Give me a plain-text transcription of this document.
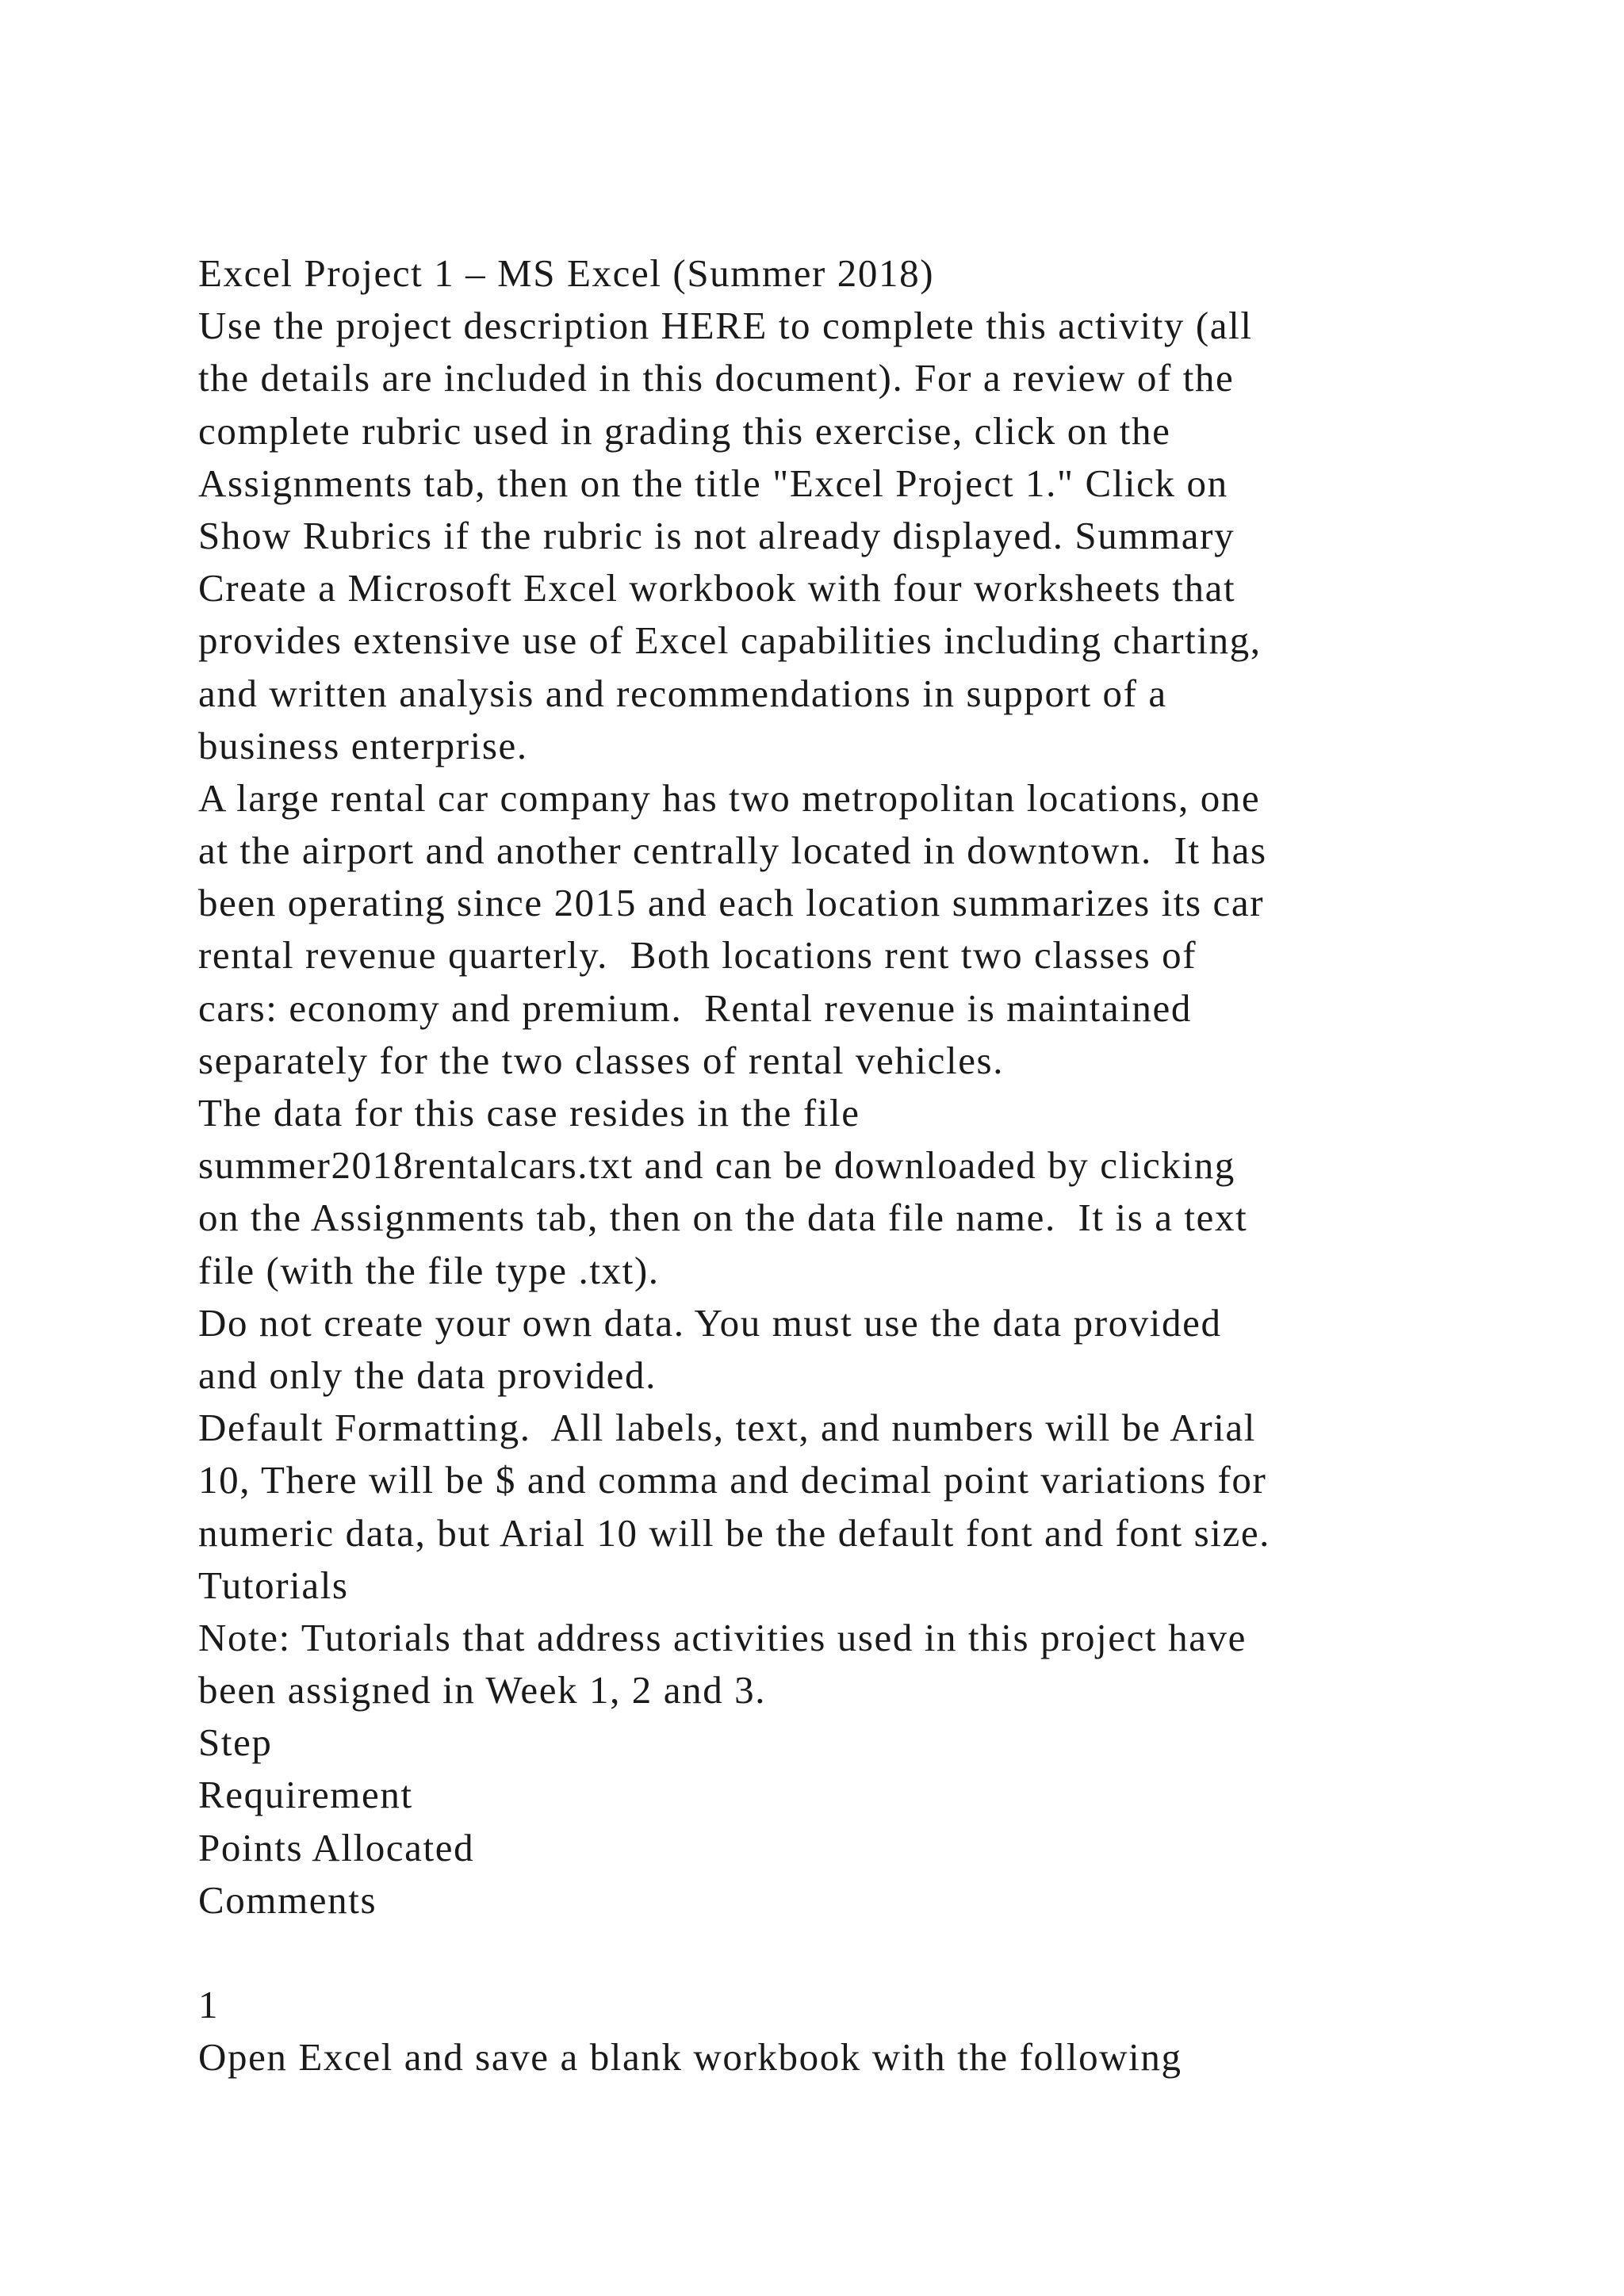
Excel Project 1 – MS Excel (Summer 2018)
Use the project description HERE to complete this activity (all
the details are included in this document). For a review of the
complete rubric used in grading this exercise, click on the
Assignments tab, then on the title "Excel Project 1." Click on
Show Rubrics if the rubric is not already displayed. Summary
Create a Microsoft Excel workbook with four worksheets that
provides extensive use of Excel capabilities including charting,
and written analysis and recommendations in support of a
business enterprise.
A large rental car company has two metropolitan locations, one
at the airport and another centrally located in downtown.  It has
been operating since 2015 and each location summarizes its car
rental revenue quarterly.  Both locations rent two classes of
cars: economy and premium.  Rental revenue is maintained
separately for the two classes of rental vehicles.
The data for this case resides in the file
summer2018rentalcars.txt and can be downloaded by clicking
on the Assignments tab, then on the data file name.  It is a text
file (with the file type .txt).
Do not create your own data. You must use the data provided
and only the data provided.
Default Formatting.  All labels, text, and numbers will be Arial
10, There will be $ and comma and decimal point variations for
numeric data, but Arial 10 will be the default font and font size.
Tutorials
Note: Tutorials that address activities used in this project have
been assigned in Week 1, 2 and 3.
Step
Requirement
Points Allocated
Comments
1
Open Excel and save a blank workbook with the following
